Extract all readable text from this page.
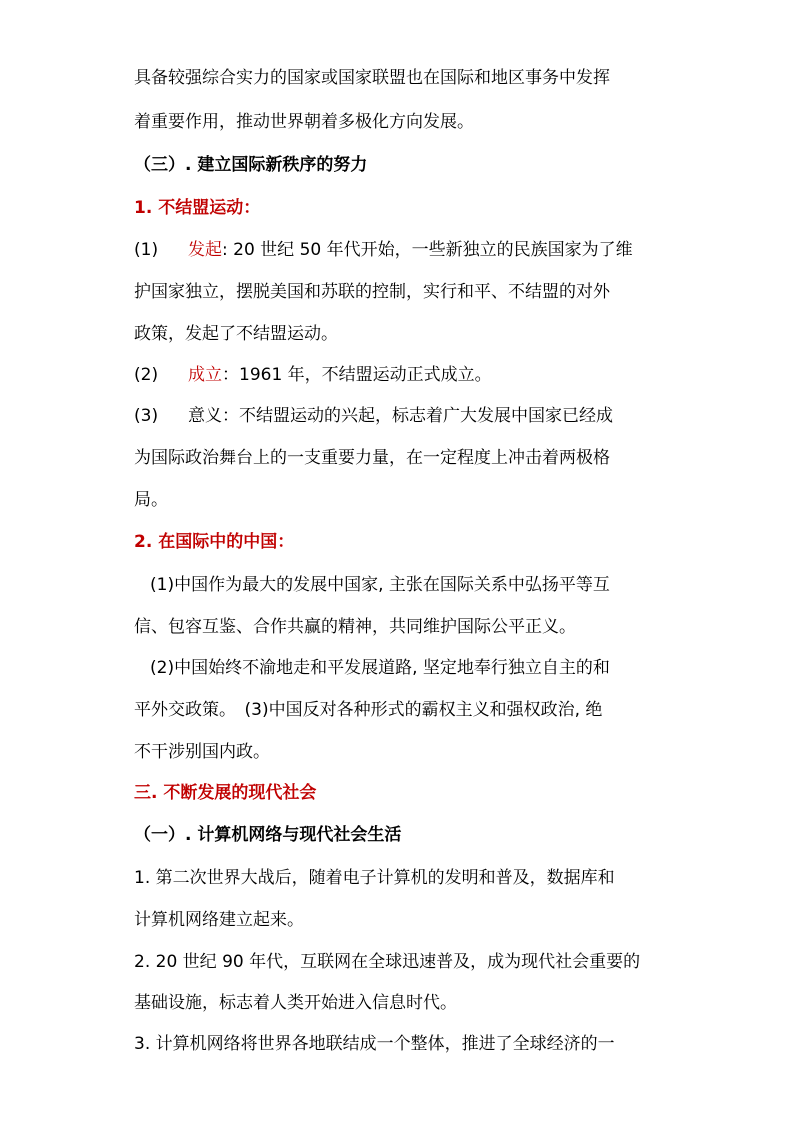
具备较强综合实力的国家或国家联盟也在国际和地区事务中发挥
着重要作用，推动世界朝着多极化方向发展。
（三）. 建立国际新秩序的努力
1. 不结盟运动：
(1) 发起: 20 世纪 50 年代开始，一些新独立的民族国家为了维
护国家独立，摆脱美国和苏联的控制，实行和平、不结盟的对外
政策，发起了不结盟运动。
(2) 成立：1961 年，不结盟运动正式成立。
(3) 意义：不结盟运动的兴起，标志着广大发展中国家已经成
为国际政治舞台上的一支重要力量，在一定程度上冲击着两极格
局。
2. 在国际中的中国：
(1)中国作为最大的发展中国家, 主张在国际关系中弘扬平等互
信、包容互鉴、合作共赢的精神，共同维护国际公平正义。
(2)中国始终不渝地走和平发展道路, 坚定地奉行独立自主的和
平外交政策。　(3)中国反对各种形式的霸权主义和强权政治, 绝
不干涉别国内政。
三. 不断发展的现代社会
（一）. 计算机网络与现代社会生活
1. 第二次世界大战后，随着电子计算机的发明和普及，数据库和
计算机网络建立起来。
2. 20 世纪 90 年代，互联网在全球迅速普及，成为现代社会重要的
基础设施，标志着人类开始进入信息时代。
3. 计算机网络将世界各地联结成一个整体，推进了全球经济的一
